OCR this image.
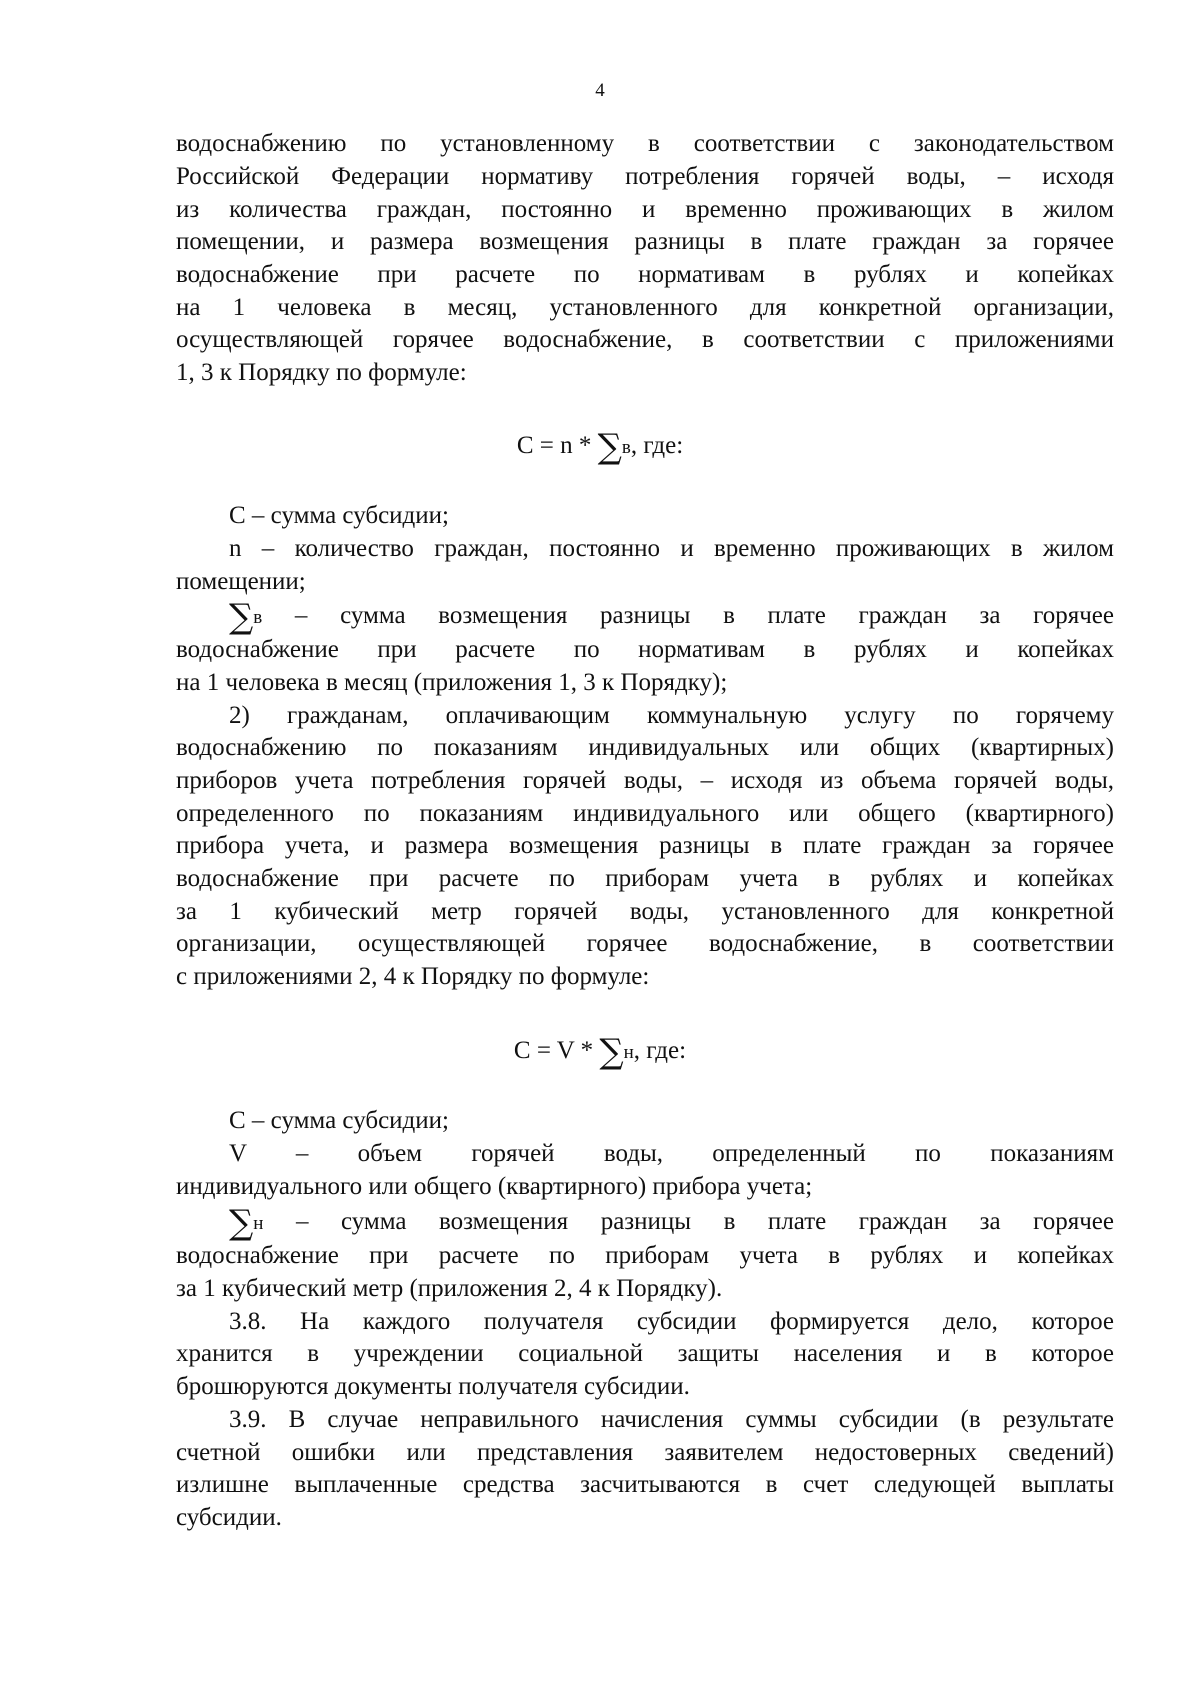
4
водоснабжению по установленному в соответствии с законодательством
Российской Федерации нормативу потребления горячей воды, – исходя
из количества граждан, постоянно и временно проживающих в жилом
помещении, и размера возмещения разницы в плате граждан за горячее
водоснабжение при расчете по нормативам в рублях и копейках
на 1 человека в месяц, установленного для конкретной организации,
осуществляющей горячее водоснабжение, в соответствии с приложениями
1, 3 к Порядку по формуле:
C = n * ∑в, где:
С – сумма субсидии;
n – количество граждан, постоянно и временно проживающих в жилом
помещении;
∑в – сумма возмещения разницы в плате граждан за горячее
водоснабжение при расчете по нормативам в рублях и копейках
на 1 человека в месяц (приложения 1, 3 к Порядку);
2) гражданам, оплачивающим коммунальную услугу по горячему
водоснабжению по показаниям индивидуальных или общих (квартирных)
приборов учета потребления горячей воды, – исходя из объема горячей воды,
определенного по показаниям индивидуального или общего (квартирного)
прибора учета, и размера возмещения разницы в плате граждан за горячее
водоснабжение при расчете по приборам учета в рублях и копейках
за 1 кубический метр горячей воды, установленного для конкретной
организации, осуществляющей горячее водоснабжение, в соответствии
с приложениями 2, 4 к Порядку по формуле:
C = V * ∑н, где:
С – сумма субсидии;
V – объем горячей воды, определенный по показаниям
индивидуального или общего (квартирного) прибора учета;
∑н – сумма возмещения разницы в плате граждан за горячее
водоснабжение при расчете по приборам учета в рублях и копейках
за 1 кубический метр (приложения 2, 4 к Порядку).
3.8. На каждого получателя субсидии формируется дело, которое
хранится в учреждении социальной защиты населения и в которое
брошюруются документы получателя субсидии.
3.9. В случае неправильного начисления суммы субсидии (в результате
счетной ошибки или представления заявителем недостоверных сведений)
излишне выплаченные средства засчитываются в счет следующей выплаты
субсидии.
